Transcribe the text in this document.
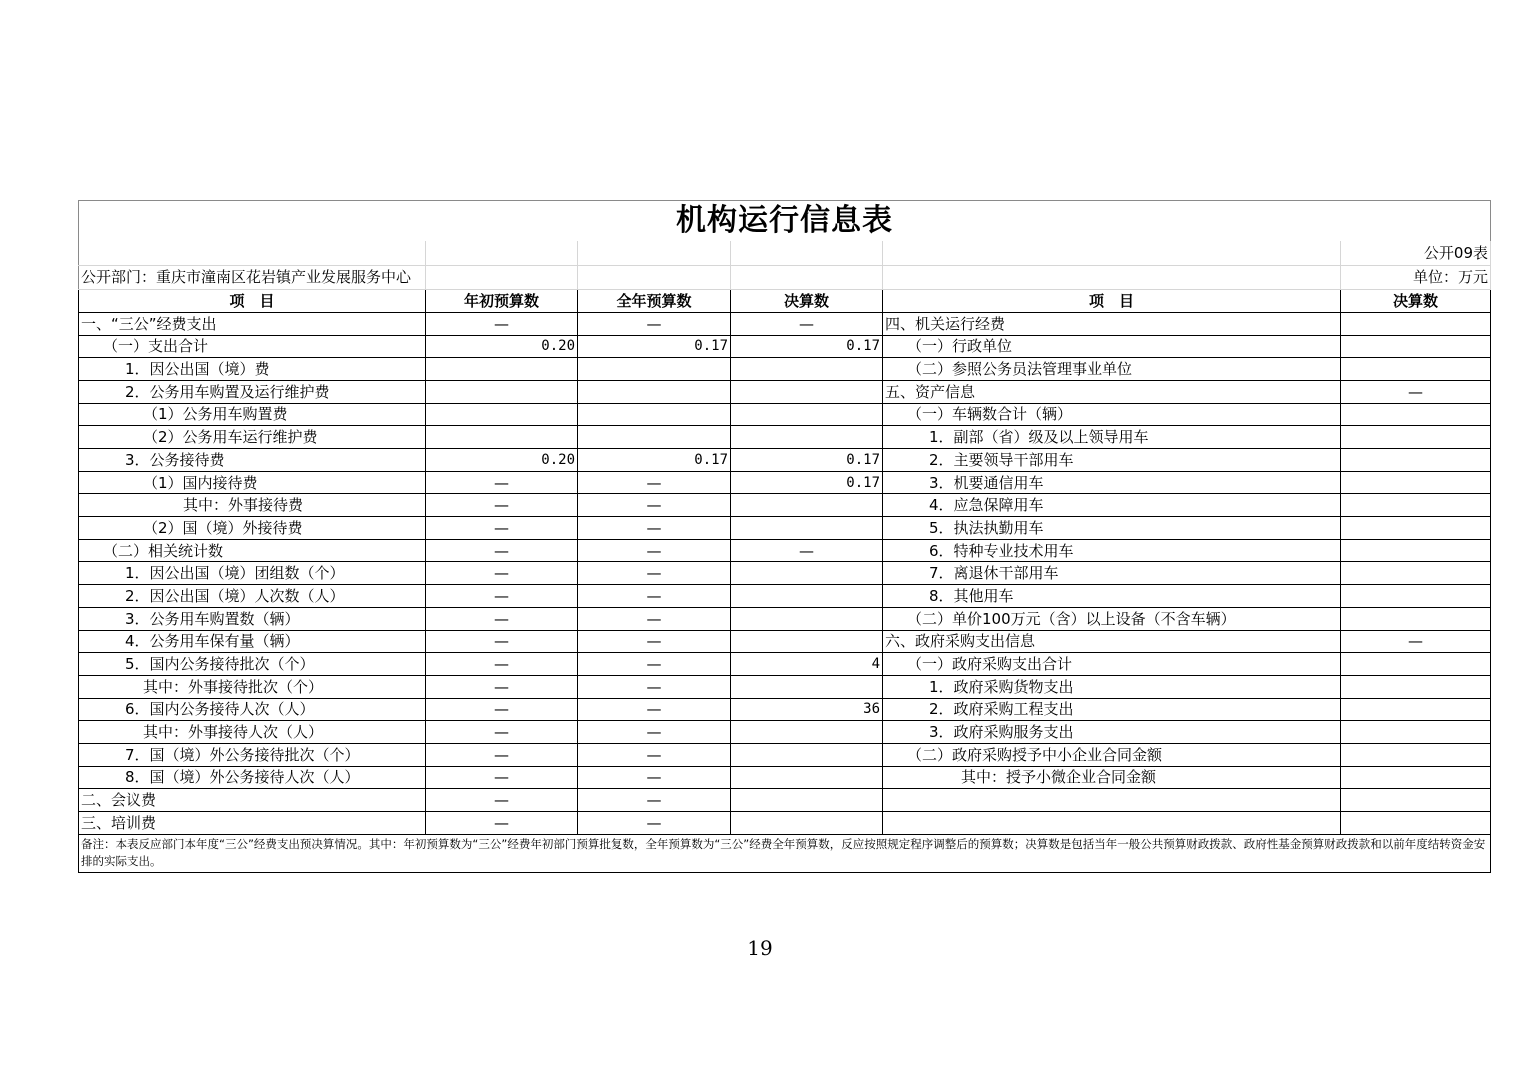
机构运行信息表					
					公开09表
公开部门：重庆市潼南区花岩镇产业发展服务中心					单位：万元
项　目	年初预算数	全年预算数	决算数	项　目	决算数
一、“三公”经费支出	—	—	—	四、机关运行经费	
（一）支出合计	0.20	0.17	0.17	（一）行政单位	
1．因公出国（境）费				（二）参照公务员法管理事业单位	
2．公务用车购置及运行维护费				五、资产信息	—
（1）公务用车购置费				（一）车辆数合计（辆）	
（2）公务用车运行维护费				1．副部（省）级及以上领导用车	
3．公务接待费	0.20	0.17	0.17	2．主要领导干部用车	
（1）国内接待费	—	—	0.17	3．机要通信用车	
其中：外事接待费	—	—		4．应急保障用车	
（2）国（境）外接待费	—	—		5．执法执勤用车	
（二）相关统计数	—	—	—	6．特种专业技术用车	
1．因公出国（境）团组数（个）	—	—		7．离退休干部用车	
2．因公出国（境）人次数（人）	—	—		8．其他用车	
3．公务用车购置数（辆）	—	—		（二）单价100万元（含）以上设备（不含车辆）	
4．公务用车保有量（辆）	—	—		六、政府采购支出信息	—
5．国内公务接待批次（个）	—	—	4	（一）政府采购支出合计	
其中：外事接待批次（个）	—	—		1．政府采购货物支出	
6．国内公务接待人次（人）	—	—	36	2．政府采购工程支出	
其中：外事接待人次（人）	—	—		3．政府采购服务支出	
7．国（境）外公务接待批次（个）	—	—		（二）政府采购授予中小企业合同金额	
8．国（境）外公务接待人次（人）	—	—		其中：授予小微企业合同金额	
二、会议费	—	—			
三、培训费	—	—			
备注：本表反应部门本年度“三公”经费支出预决算情况。其中：年初预算数为“三公”经费年初部门预算批复数，全年预算数为“三公”经费全年预算数，反应按照规定程序调整后的预算数；决算数是包括当年一般公共预算财政拨款、政府性基金预算财政拨款和以前年度结转资金安排的实际支出。					
19
